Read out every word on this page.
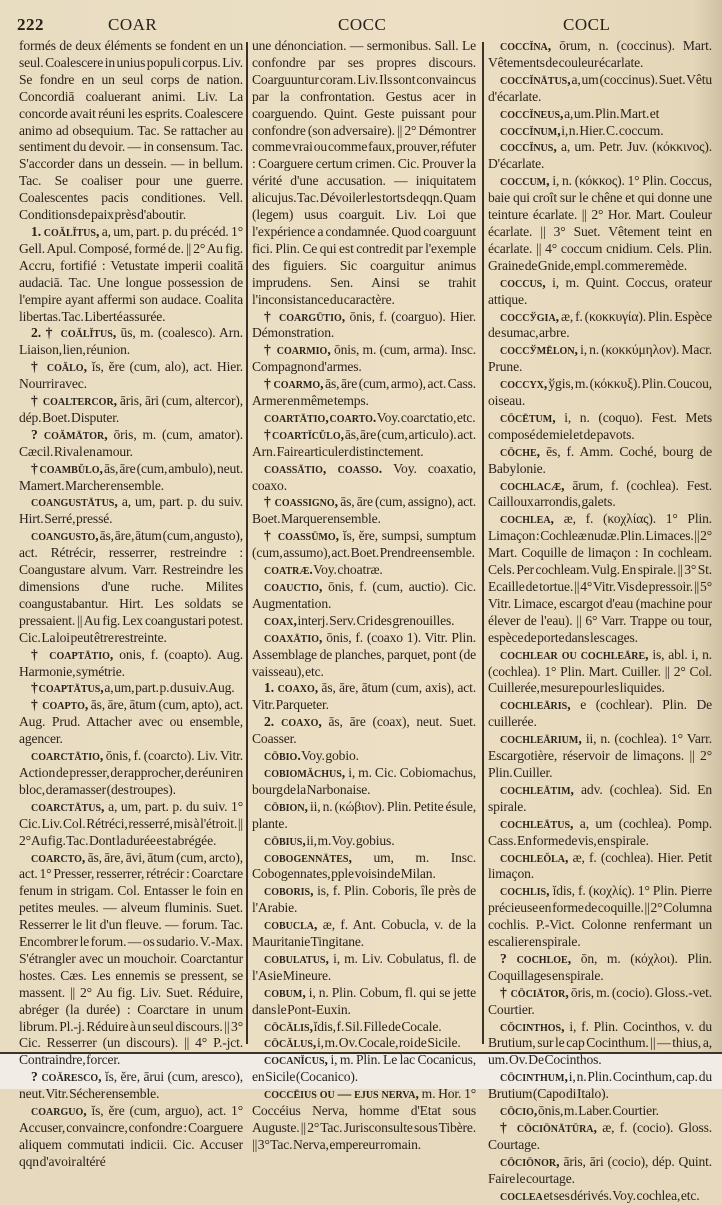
222	COAR	COCC	COCL

formés de deux éléments se fondent en un seul. Coalescere in unius populi corpus. Liv. Se fondre en un seul corps de nation. Concordiā coaluerant animi. Liv. La concorde avait réuni les esprits. Coalescere animo ad obsequium. Tac. Se rattacher au sentiment du devoir. — in consensum. Tac. S'accorder dans un dessein. — in bellum. Tac. Se coaliser pour une guerre. Coalescentes pacis conditiones. Vell. Conditions de paix près d'aboutir.

1. coălĭtus, a, um, part. p. du précéd. 1° Gell. Apul. Composé, formé de. || 2° Au fig. Accru, fortifié : Vetustate imperii coalitā audaciā. Tac. Une longue possession de l'empire ayant affermi son audace. Coalita libertas. Tac. Liberté assurée.

2. † coălĭtus, ūs, m. (coalesco). Arn. Liaison, lien, réunion.

† coălo, ĭs, ĕre (cum, alo), act. Hier. Nourrir avec.

† coaltercor, āris, āri (cum, altercor), dép. Boet. Disputer.

? coămātor, ōris, m. (cum, amator). Cæcil. Rival en amour.

† coambŭlo, ās, āre (cum, ambulo), neut. Mamert. Marcher ensemble.

coangustātus, a, um, part. p. du suiv. Hirt. Serré, pressé.

coangusto, ās, āre, ātum (cum, angusto), act. Rétrécir, resserrer, restreindre : Coangustare alvum. Varr. Restreindre les dimensions d'une ruche. Milites coangustabantur. Hirt. Les soldats se pressaient. || Au fig. Lex coangustari potest. Cic. La loi peut être restreinte.

† coaptātio, onis, f. (coapto). Aug. Harmonie, symétrie.

† coaptātus, a, um, part. p. du suiv. Aug.

† coapto, ās, āre, ātum (cum, apto), act. Aug. Prud. Attacher avec ou ensemble, agencer.

coarctātio, ōnis, f. (coarcto). Liv. Vitr. Action de presser, de rapprocher, de réunir en bloc, de ramasser (des troupes).

coarctātus, a, um, part. p. du suiv. 1° Cic. Liv. Col. Rétréci, resserré, mis à l'étroit. || 2° Au fig. Tac. Dont la durée est abrégée.

coarcto, ās, āre, āvi, ātum (cum, arcto), act. 1° Presser, resserrer, rétrécir : Coarctare fenum in strigam. Col. Entasser le foin en petites meules. — alveum fluminis. Suet. Resserrer le lit d'un fleuve. — forum. Tac. Encombrer le forum. — os sudario. V.-Max. S'étrangler avec un mouchoir. Coarctantur hostes. Cæs. Les ennemis se pressent, se massent. || 2° Au fig. Liv. Suet. Réduire, abréger (la durée) : Coarctare in unum librum. Pl.-j. Réduire à un seul discours. || 3° Cic. Resserrer (un discours). || 4° P.-jct. Contraindre, forcer.

? coăresco, ĭs, ĕre, ārui (cum, aresco), neut. Vitr. Sécher ensemble.

coarguo, ĭs, ĕre (cum, arguo), act. 1° Accuser, convaincre, confondre : Coarguere aliquem commutati indicii. Cic. Accuser qqn d'avoir altéré

une dénonciation. — sermonibus. Sall. Le confondre par ses propres discours. Coarguuntur coram. Liv. Ils sont convaincus par la confrontation. Gestus acer in coarguendo. Quint. Geste puissant pour confondre (son adversaire). || 2° Démontrer comme vrai ou comme faux, prouver, réfuter : Coarguere certum crimen. Cic. Prouver la vérité d'une accusation. — iniquitatem alicujus. Tac. Dévoiler les torts de qqn. Quam (legem) usus coarguit. Liv. Loi que l'expérience a condamnée. Quod coarguunt fici. Plin. Ce qui est contredit par l'exemple des figuiers. Sic coarguitur animus imprudens. Sen. Ainsi se trahit l'inconsistance du caractère.

† coargūtio, ōnis, f. (coarguo). Hier. Démonstration.

† coarmio, ōnis, m. (cum, arma). Insc. Compagnon d'armes.

† coarmo, ās, āre (cum, armo), act. Cass. Armer en même temps.

coartātio, coarto. Voy. coarctatio, etc.

† coartĭcŭlo, ās, āre (cum, articulo). act. Arn. Faire articuler distinctement.

coassātio, coasso. Voy. coaxatio, coaxo.

† coassigno, ās, āre (cum, assigno), act. Boet. Marquer ensemble.

† coassūmo, ĭs, ĕre, sumpsi, sumptum (cum, assumo), act. Boet. Prendre ensemble.

coatræ. Voy. choatræ.

coauctio, ōnis, f. (cum, auctio). Cic. Augmentation.

coax, interj. Serv. Cri des grenouilles.

coaxātio, ōnis, f. (coaxo 1). Vitr. Plin. Assemblage de planches, parquet, pont (de vaisseau), etc.

1. coaxo, ās, āre, ātum (cum, axis), act. Vitr. Parqueter.

2. coaxo, ās, āre (coax), neut. Suet. Coasser.

cōbio. Voy. gobio.

cobiomăchus, i, m. Cic. Cobiomachus, bourg de la Narbonaise.

cōbion, ii, n. (κώβιον). Plin. Petite ésule, plante.

cōbius, ii, m. Voy. gobius.

cobogennātes, um, m. Insc. Cobogennates, pple voisin de Milan.

coboris, is, f. Plin. Coboris, île près de l'Arabie.

cobucla, æ, f. Ant. Cobucla, v. de la Mauritanie Tingitane.

cobulatus, i, m. Liv. Cobulatus, fl. de l'Asie Mineure.

cobum, i, n. Plin. Cobum, fl. qui se jette dans le Pont-Euxin.

cōcălis, ĭdis, f. Sil. Fille de Cocale.

cōcălus, i, m. Ov. Cocale, roi de Sicile.

cocanĭcus, i, m. Plin. Le lac Cocanicus, en Sicile (Cocanico).

coccēius ou — ejus nerva, m. Hor. 1° Coccéius Nerva, homme d'Etat sous Auguste. || 2° Tac. Jurisconsulte sous Tibère. || 3° Tac. Nerva, empereur romain.

coccĭna, ōrum, n. (coccinus). Mart. Vêtements de couleur écarlate.

coccĭnātus, a, um (coccinus). Suet. Vêtu d'écarlate.

coccĭneus, a, um. Plin. Mart. et

coccĭnum, i, n. Hier. C. coccum.

coccĭnus, a, um. Petr. Juv. (κόκκινος). D'écarlate.

coccum, i, n. (κόκκος). 1° Plin. Coccus, baie qui croît sur le chêne et qui donne une teinture écarlate. || 2° Hor. Mart. Couleur écarlate. || 3° Suet. Vêtement teint en écarlate. || 4° coccum cnidium. Cels. Plin. Graine de Gnide, empl. comme remède.

coccus, i, m. Quint. Coccus, orateur attique.

coccўgia, æ, f. (κοκκυγία). Plin. Espèce de sumac, arbre.

coccўmēlon, i, n. (κοκκύμηλον). Macr. Prune.

coccyx, ўgis, m. (κόκκυξ). Plin. Coucou, oiseau.

cōcētum, i, n. (coquo). Fest. Mets composé de miel et de pavots.

cōche, ēs, f. Amm. Coché, bourg de Babylonie.

cochlacæ, ārum, f. (cochlea). Fest. Cailloux arrondis, galets.

cochlea, æ, f. (κοχλίας). 1° Plin. Limaçon : Cochleæ nudæ. Plin. Limaces. || 2° Mart. Coquille de limaçon : In cochleam. Cels. Per cochleam. Vulg. En spirale. || 3° St. Ecaille de tortue. || 4° Vitr. Vis de pressoir. || 5° Vitr. Limace, escargot d'eau (machine pour élever de l'eau). || 6° Varr. Trappe ou tour, espèce de porte dans les cages.

cochlear ou cochleāre, is, abl. i, n. (cochlea). 1° Plin. Mart. Cuiller. || 2° Col. Cuillerée, mesure pour les liquides.

cochleāris, e (cochlear). Plin. De cuillerée.

cochleārium, ii, n. (cochlea). 1° Varr. Escargotière, réservoir de limaçons. || 2° Plin. Cuiller.

cochleātim, adv. (cochlea). Sid. En spirale.

cochleātus, a, um (cochlea). Pomp. Cass. En forme de vis, en spirale.

cochleŏla, æ, f. (cochlea). Hier. Petit limaçon.

cochlis, ĭdis, f. (κοχλίς). 1° Plin. Pierre précieuse en forme de coquille. || 2° Columna cochlis. P.-Vict. Colonne renfermant un escalier en spirale.

? cochloe, ōn, m. (κόχλοι). Plin. Coquillages en spirale.

† cōciātor, ōris, m. (cocio). Gloss.-vet. Courtier.

cŏcinthos, i, f. Plin. Cocinthos, v. du Brutium, sur le cap Cocinthum. || — thius, a, um. Ov. De Cocinthos.

cōcinthum, i, n. Plin. Cocinthum, cap. du Brutium (Capo di Italo).

cōcio, ōnis, m. Laber. Courtier.

† cōciōnātūra, æ, f. (cocio). Gloss. Courtage.

cōciōnor, āris, āri (cocio), dép. Quint. Faire le courtage.

coclea et ses dérivés. Voy. cochlea, etc.
